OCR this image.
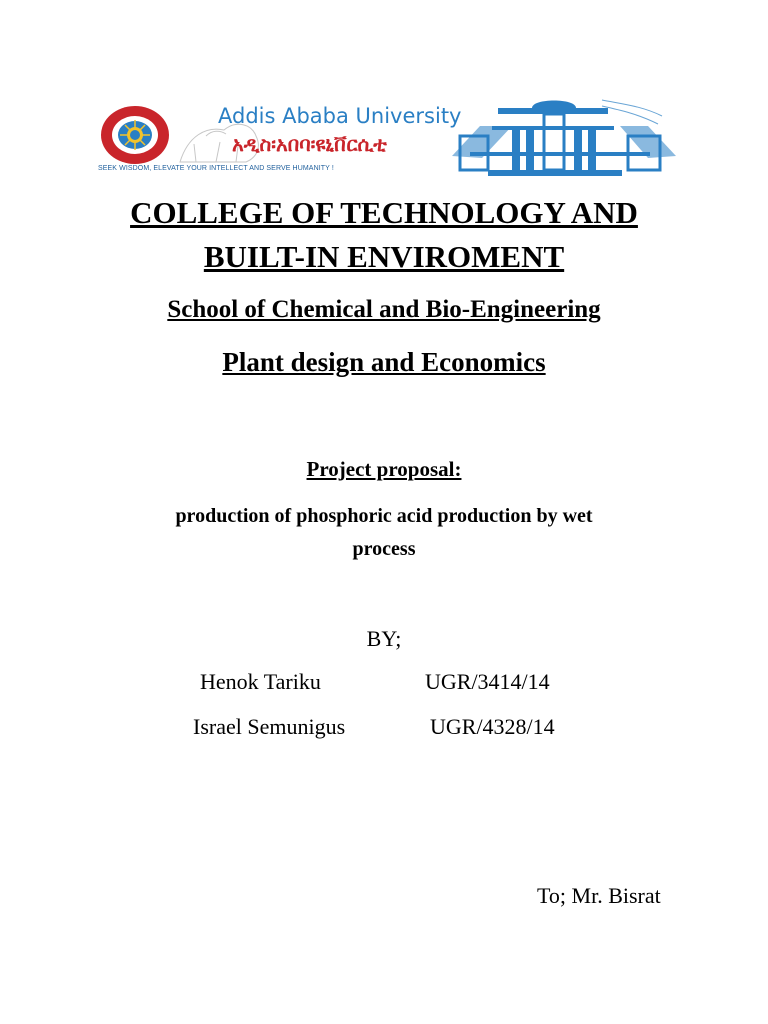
Addis Ababa University
አዲስ፡አበባ፡ዩኒቨርሲቲ
SEEK WISDOM, ELEVATE YOUR INTELLECT AND SERVE HUMANITY !
COLLEGE OF TECHNOLOGY AND
BUILT-IN ENVIROMENT
School of Chemical and Bio-Engineering
Plant design and Economics
Project proposal:
production of phosphoric acid production by wet
process
BY;
Henok Tariku	UGR/3414/14
Israel Semunigus	UGR/4328/14
To; Mr. Bisrat
